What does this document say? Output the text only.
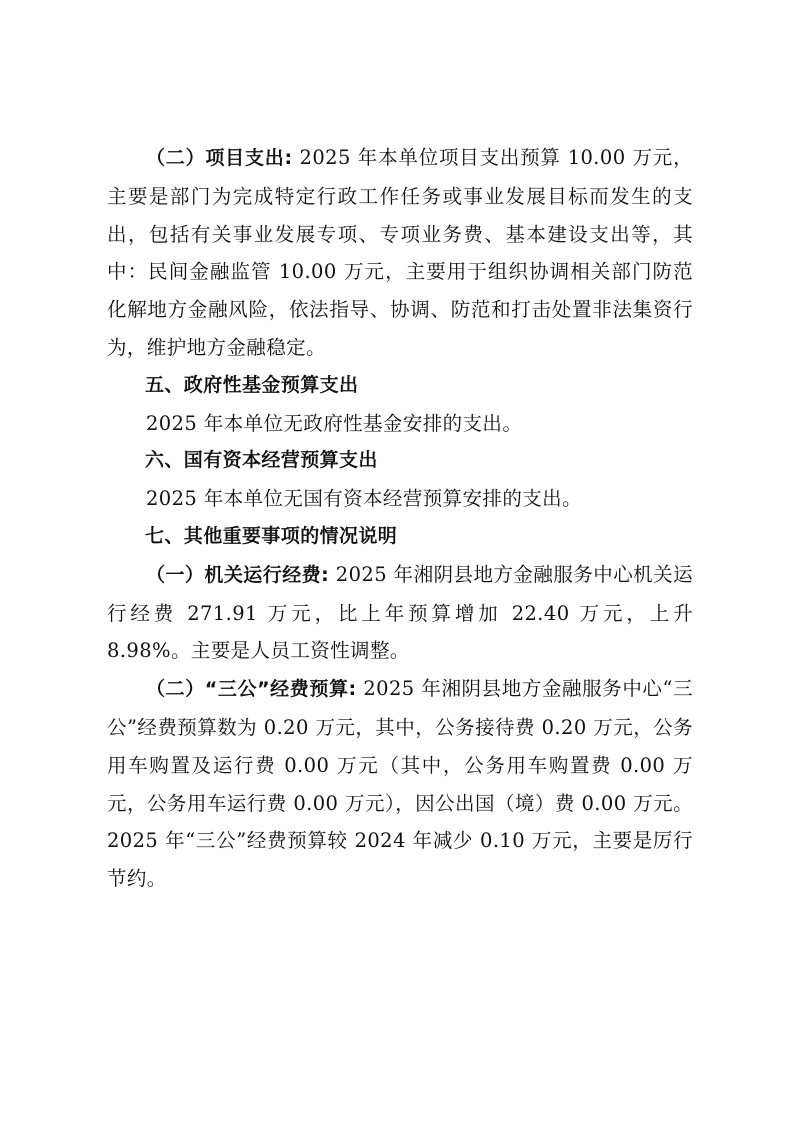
（二）项目支出: 2025 年本单位项目支出预算 10.00 万元，主要是部门为完成特定行政工作任务或事业发展目标而发生的支出，包括有关事业发展专项、专项业务费、基本建设支出等，其中：民间金融监管 10.00 万元，主要用于组织协调相关部门防范化解地方金融风险，依法指导、协调、防范和打击处置非法集资行为，维护地方金融稳定。

五、政府性基金预算支出

2025 年本单位无政府性基金安排的支出。

六、国有资本经营预算支出

2025 年本单位无国有资本经营预算安排的支出。

七、其他重要事项的情况说明

（一）机关运行经费: 2025 年湘阴县地方金融服务中心机关运行经费 271.91 万元，比上年预算增加 22.40 万元，上升 8.98%。主要是人员工资性调整。

（二）“三公”经费预算: 2025 年湘阴县地方金融服务中心“三公”经费预算数为 0.20 万元，其中，公务接待费 0.20 万元，公务用车购置及运行费 0.00 万元（其中，公务用车购置费 0.00 万元，公务用车运行费 0.00 万元），因公出国（境）费 0.00 万元。2025 年“三公”经费预算较 2024 年减少 0.10 万元，主要是厉行节约。
